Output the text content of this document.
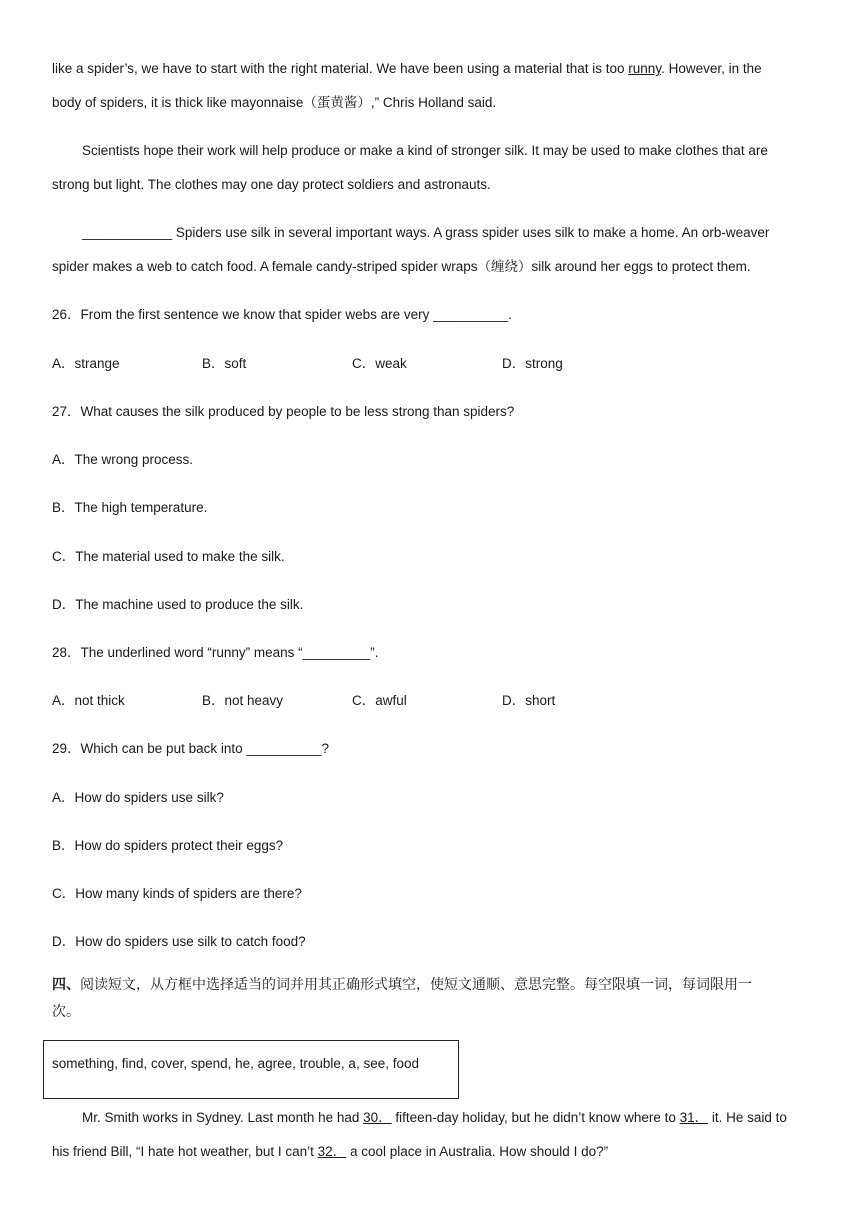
like a spider’s, we have to start with the right material. We have been using a material that is too runny. However, in the
body of spiders, it is thick like mayonnaise（蛋黄酱）,” Chris Holland said.
Scientists hope their work will help produce or make a kind of stronger silk. It may be used to make clothes that are
strong but light. The clothes may one day protect soldiers and astronauts.
____________ Spiders use silk in several important ways. A grass spider uses silk to make a home. An orb-weaver
spider makes a web to catch food. A female candy-striped spider wraps（缠绕）silk around her eggs to protect them.
26．From the first sentence we know that spider webs are very __________.
A．strange	B．soft	C．weak	D．strong
27．What causes the silk produced by people to be less strong than spiders?
A．The wrong process.
B．The high temperature.
C．The material used to make the silk.
D．The machine used to produce the silk.
28．The underlined word “runny” means “_________”.
A．not thick	B．not heavy	C．awful	D．short
29．Which can be put back into __________?
A．How do spiders use silk?
B．How do spiders protect their eggs?
C．How many kinds of spiders are there?
D．How do spiders use silk to catch food?
四、阅读短文，从方框中选择适当的词并用其正确形式填空，使短文通顺、意思完整。每空限填一词，每词限用一
次。
something, find, cover, spend, he, agree, trouble, a, see, food
Mr. Smith works in Sydney. Last month he had 30． fifteen-day holiday, but he didn’t know where to 31． it. He said to
his friend Bill, “I hate hot weather, but I can’t 32． a cool place in Australia. How should I do?”
